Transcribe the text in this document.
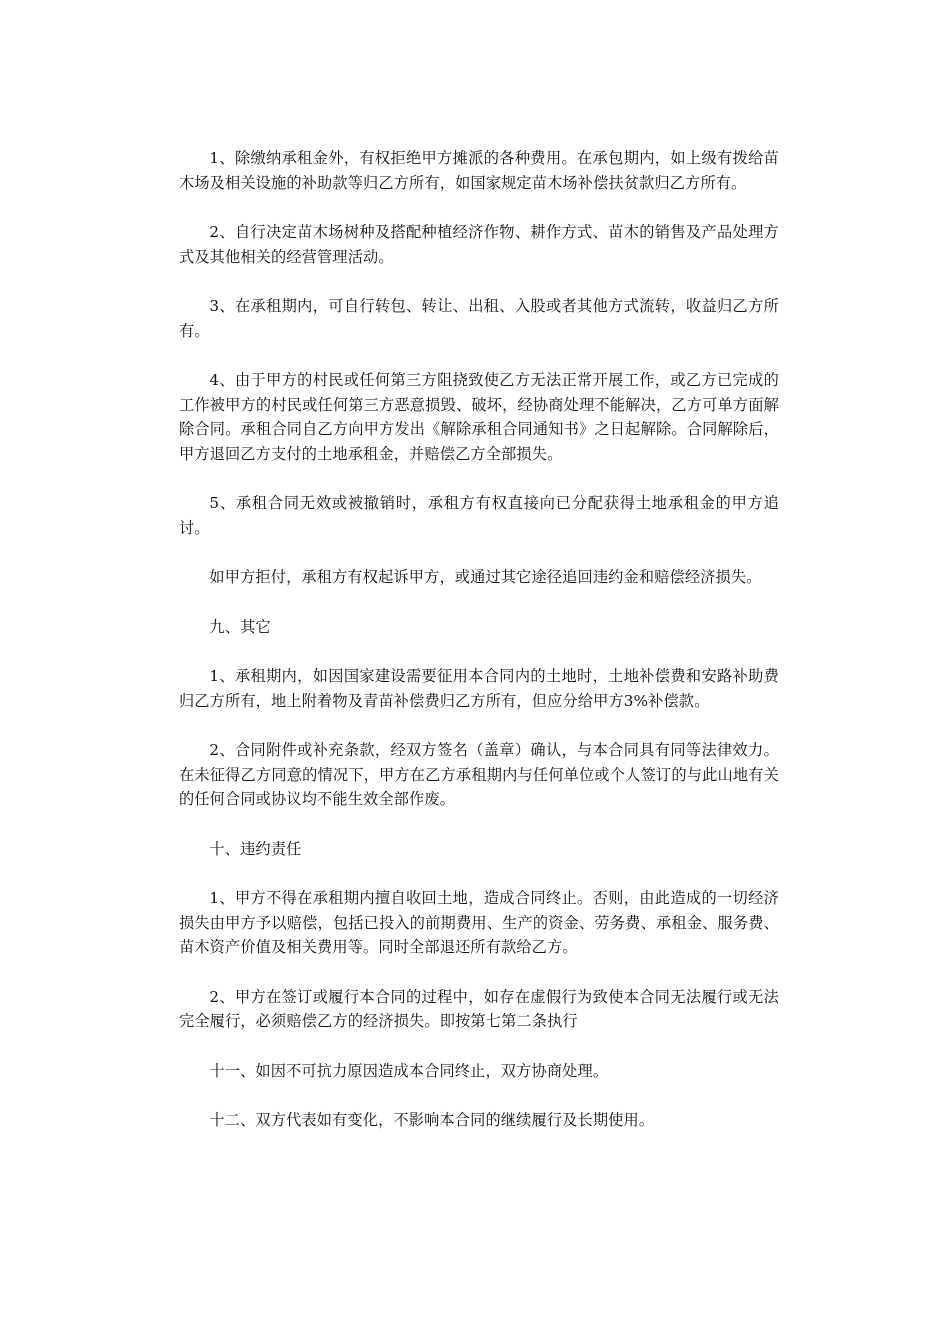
1、除缴纳承租金外，有权拒绝甲方摊派的各种费用。在承包期内，如上级有拨给苗木场及相关设施的补助款等归乙方所有，如国家规定苗木场补偿扶贫款归乙方所有。

2、自行决定苗木场树种及搭配种植经济作物、耕作方式、苗木的销售及产品处理方式及其他相关的经营管理活动。

3、在承租期内，可自行转包、转让、出租、入股或者其他方式流转，收益归乙方所有。

4、由于甲方的村民或任何第三方阻挠致使乙方无法正常开展工作，或乙方已完成的工作被甲方的村民或任何第三方恶意损毁、破坏，经协商处理不能解决，乙方可单方面解除合同。承租合同自乙方向甲方发出《解除承租合同通知书》之日起解除。合同解除后，甲方退回乙方支付的土地承租金，并赔偿乙方全部损失。

5、承租合同无效或被撤销时，承租方有权直接向已分配获得土地承租金的甲方追讨。

如甲方拒付，承租方有权起诉甲方，或通过其它途径追回违约金和赔偿经济损失。

九、其它

1、承租期内，如因国家建设需要征用本合同内的土地时，土地补偿费和安路补助费归乙方所有，地上附着物及青苗补偿费归乙方所有，但应分给甲方3%补偿款。

2、合同附件或补充条款，经双方签名（盖章）确认，与本合同具有同等法律效力。在未征得乙方同意的情况下，甲方在乙方承租期内与任何单位或个人签订的与此山地有关的任何合同或协议均不能生效全部作废。

十、违约责任

1、甲方不得在承租期内擅自收回土地，造成合同终止。否则，由此造成的一切经济损失由甲方予以赔偿，包括已投入的前期费用、生产的资金、劳务费、承租金、服务费、苗木资产价值及相关费用等。同时全部退还所有款给乙方。

2、甲方在签订或履行本合同的过程中，如存在虚假行为致使本合同无法履行或无法完全履行，必须赔偿乙方的经济损失。即按第七第二条执行

十一、如因不可抗力原因造成本合同终止，双方协商处理。

十二、双方代表如有变化，不影响本合同的继续履行及长期使用。
